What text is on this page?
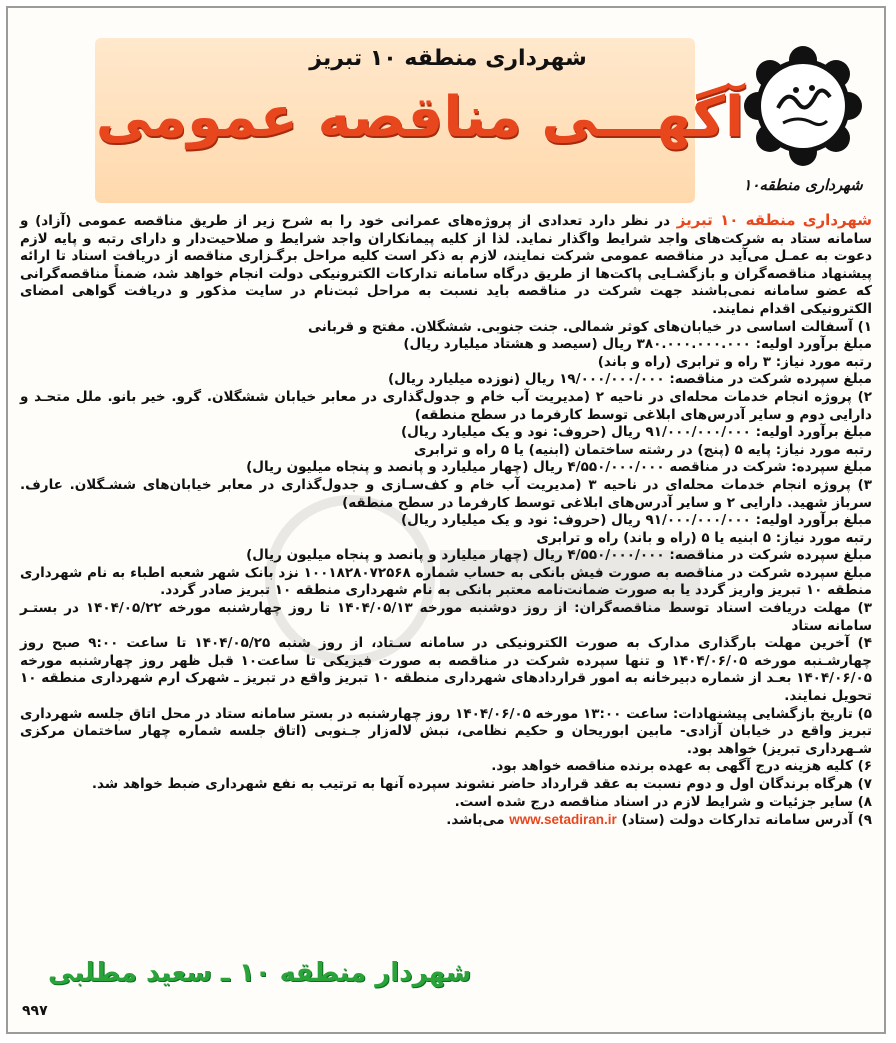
شهرداری منطقه ۱۰ تبریز
آگهـــی مناقصه عمومی
شهرداری منطقه۱۰

شهرداری منطقه ۱۰ تبریز در نظر دارد تعدادی از پروژه‌های عمرانی خود را به شرح زیر از طریق مناقصه عمومی (آزاد) و سامانه ستاد به شرکت‌های واجد شرایط واگذار نماید. لذا از کلیه پیمانکاران واجد شرایط و صلاحیت‌دار و دارای رتبه و پایه لازم دعوت به عمـل می‌آید در مناقصه عمومی شرکت نمایند، لازم به ذکر است کلیه مراحل برگـزاری مناقصه از دریافت اسناد تا ارائه پیشنهاد مناقصه‌گران و بازگشـایی پاکت‌ها از طریق درگاه سامانه تدارکات الکترونیکی دولت انجام خواهد شد، ضمناً مناقصه‌گرانی که عضو سامانه نمی‌باشند جهت شرکت در مناقصه باید نسبت به مراحل ثبت‌نام در سایت مذکور و دریافت گواهی امضای الکترونیکی اقدام نمایند.

۱) آسفالت اساسی در خیابان‌های کوثر شمالی. جنت جنوبی. ششگلان. مفتح و قربانی

مبلغ برآورد اولیه: ۳۸۰.۰۰۰.۰۰۰.۰۰۰ ریال (سیصد و هشتاد میلیارد ریال)

رتبه مورد نیاز: ۳ راه و ترابری (راه و باند)

مبلغ سپرده شرکت در مناقصه: ۱۹/۰۰۰/۰۰۰/۰۰۰ ریال (نوزده میلیارد ریال)

۲) پروژه انجام خدمات محله‌ای در ناحیه ۲ (مدیریت آب خام و جدول‌گذاری در معابر خیابان ششگلان. گرو. خیر بانو. ملل متحـد و دارایی دوم و سایر آدرس‌های ابلاغی توسط کارفرما در سطح منطقه)

مبلغ برآورد اولیه: ۹۱/۰۰۰/۰۰۰/۰۰۰ ریال (حروف: نود و یک میلیارد ریال)

رتبه مورد نیاز: پایه ۵ (پنج) در رشته ساختمان (ابنیه) یا ۵ راه و ترابری

مبلغ سپرده: شرکت در مناقصه ۴/۵۵۰/۰۰۰/۰۰۰ ریال (چهار میلیارد و پانصد و پنجاه میلیون ریال)

۳) پروژه انجام خدمات محله‌ای در ناحیه ۳ (مدیریت آب خام و کف‌سـازی و جدول‌گذاری در معابر خیابان‌های ششـگلان. عارف. سرباز شهید. دارایی ۲ و سایر آدرس‌های ابلاغی توسط کارفرما در سطح منطقه)

مبلغ برآورد اولیه: ۹۱/۰۰۰/۰۰۰/۰۰۰ ریال (حروف: نود و یک میلیارد ریال)

رتبه مورد نیاز: ۵ ابنیه یا ۵ (راه و باند) راه و ترابری

مبلغ سپرده شرکت در مناقصه: ۴/۵۵۰/۰۰۰/۰۰۰ ریال (چهار میلیارد و پانصد و پنجاه میلیون ریال)

مبلغ سپرده شرکت در مناقصه به صورت فیش بانکی به حساب شماره ۱۰۰۱۸۲۸۰۷۲۵۶۸ نزد بانک شهر شعبه اطباء به نام شهرداری منطقه ۱۰ تبریز واریز گردد یا به صورت ضمانت‌نامه معتبر بانکی به نام شهرداری منطقه ۱۰ تبریز صادر گردد.

۳) مهلت دریافت اسناد توسط مناقصه‌گران: از روز دوشنبه مورخه ۱۴۰۴/۰۵/۱۳ تا روز چهارشنبه مورخه ۱۴۰۴/۰۵/۲۲ در بستـر سامانه ستاد

۴) آخرین مهلت بارگذاری مدارک به صورت الکترونیکی در سامانه سـتاد، از روز شنبه ۱۴۰۴/۰۵/۲۵ تا ساعت ۹:۰۰ صبح روز چهارشـنبه مورخه ۱۴۰۴/۰۶/۰۵ و تنها سپرده شرکت در مناقصه به صورت فیزیکی تا ساعت۱۰ قبل ظهر روز چهارشنبه مورخه ۱۴۰۴/۰۶/۰۵ بعـد از شماره دبیرخانه به امور قراردادهای شهرداری منطقه ۱۰ تبریز واقع در تبریز ـ شهرک ارم شهرداری منطقه ۱۰ تحویل نمایند.

۵) تاریخ بازگشایی پیشنهادات: ساعت ۱۳:۰۰ مورخه ۱۴۰۴/۰۶/۰۵ روز چهارشنبه در بستر سامانه ستاد در محل اتاق جلسه شهرداری تبریز واقع در خیابان آزادی- مابین ابوریحان و حکیم نظامی، نبش لاله‌زار جـنوبی (اتاق جلسه شماره چهار ساختمان مرکزی شـهرداری تبریز) خواهد بود.

۶) کلیه هزینه درج آگهی به عهده برنده مناقصه خواهد بود.

۷) هرگاه برندگان اول و دوم نسبت به عقد قرارداد حاضر نشوند سپرده آنها به ترتیب به نفع شهرداری ضبط خواهد شد.

۸) سایر جزئیات و شرایط لازم در اسناد مناقصه درج شده است.

۹) آدرس سامانه تدارکات دولت (ستاد) www.setadiran.ir می‌باشد.

شهردار منطقه ۱۰ ـ سعید مطلبی
۹۹۷
